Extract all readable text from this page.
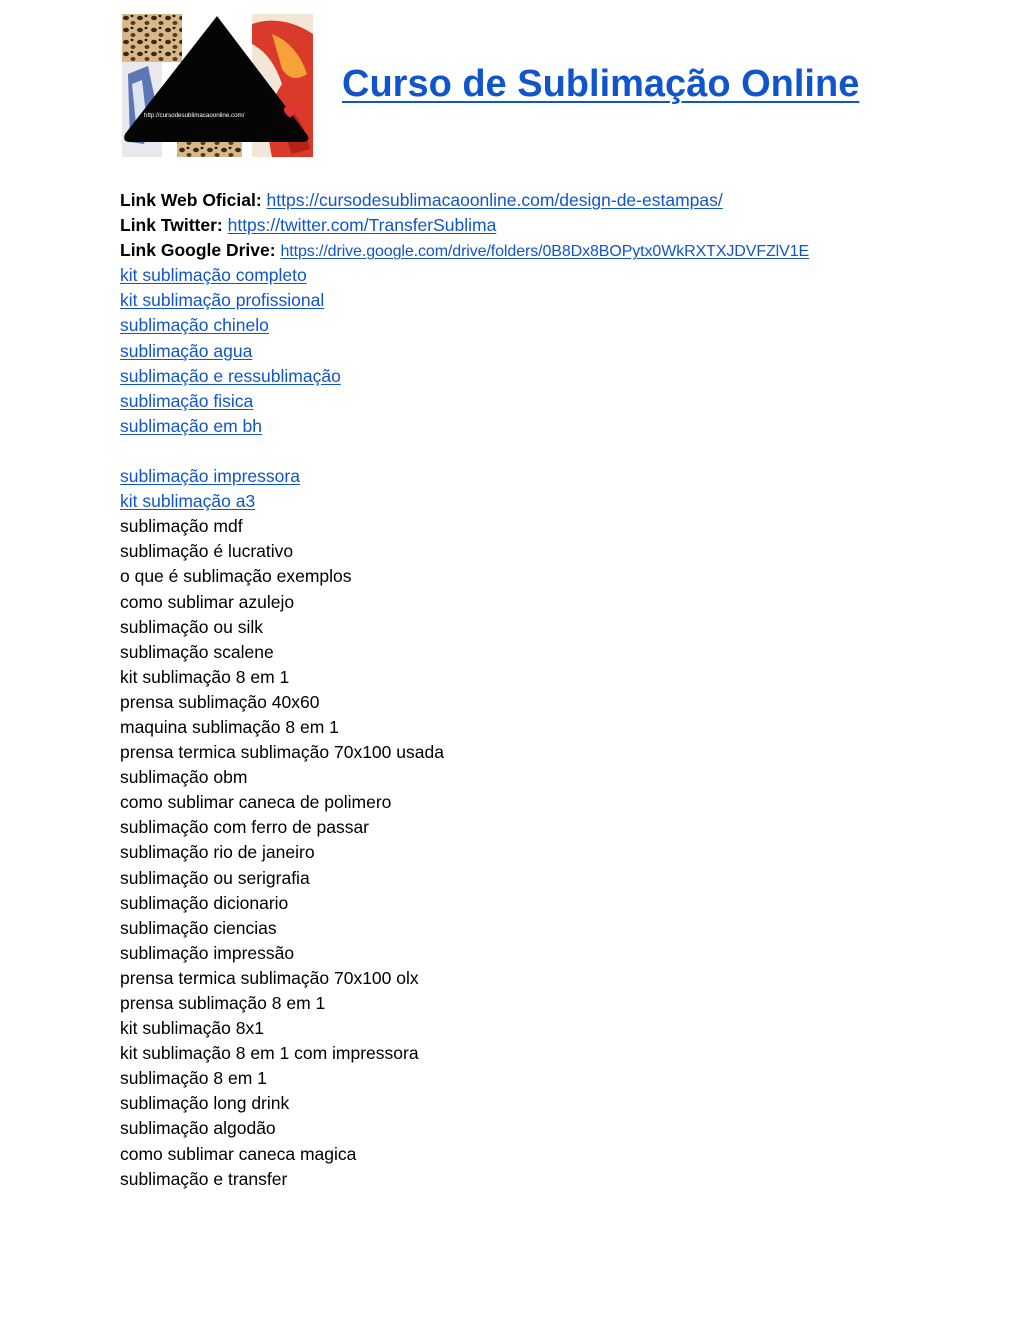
http://cursodesublimacaoonline.com/
Curso de Sublimação Online
Link Web Oficial: https://cursodesublimacaoonline.com/design-de-estampas/
Link Twitter: https://twitter.com/TransferSublima
Link Google Drive: https://drive.google.com/drive/folders/0B8Dx8BOPytx0WkRXTXJDVFZlV1E
kit sublimação completo
kit sublimação profissional
sublimação chinelo
sublimação agua
sublimação e ressublimação
sublimação fisica
sublimação em bh
sublimação impressora
kit sublimação a3
sublimação mdf
sublimação é lucrativo
o que é sublimação exemplos
como sublimar azulejo
sublimação ou silk
sublimação scalene
kit sublimação 8 em 1
prensa sublimação 40x60
maquina sublimação 8 em 1
prensa termica sublimação 70x100 usada
sublimação obm
como sublimar caneca de polimero
sublimação com ferro de passar
sublimação rio de janeiro
sublimação ou serigrafia
sublimação dicionario
sublimação ciencias
sublimação impressão
prensa termica sublimação 70x100 olx
prensa sublimação 8 em 1
kit sublimação 8x1
kit sublimação 8 em 1 com impressora
sublimação 8 em 1
sublimação long drink
sublimação algodão
como sublimar caneca magica
sublimação e transfer
